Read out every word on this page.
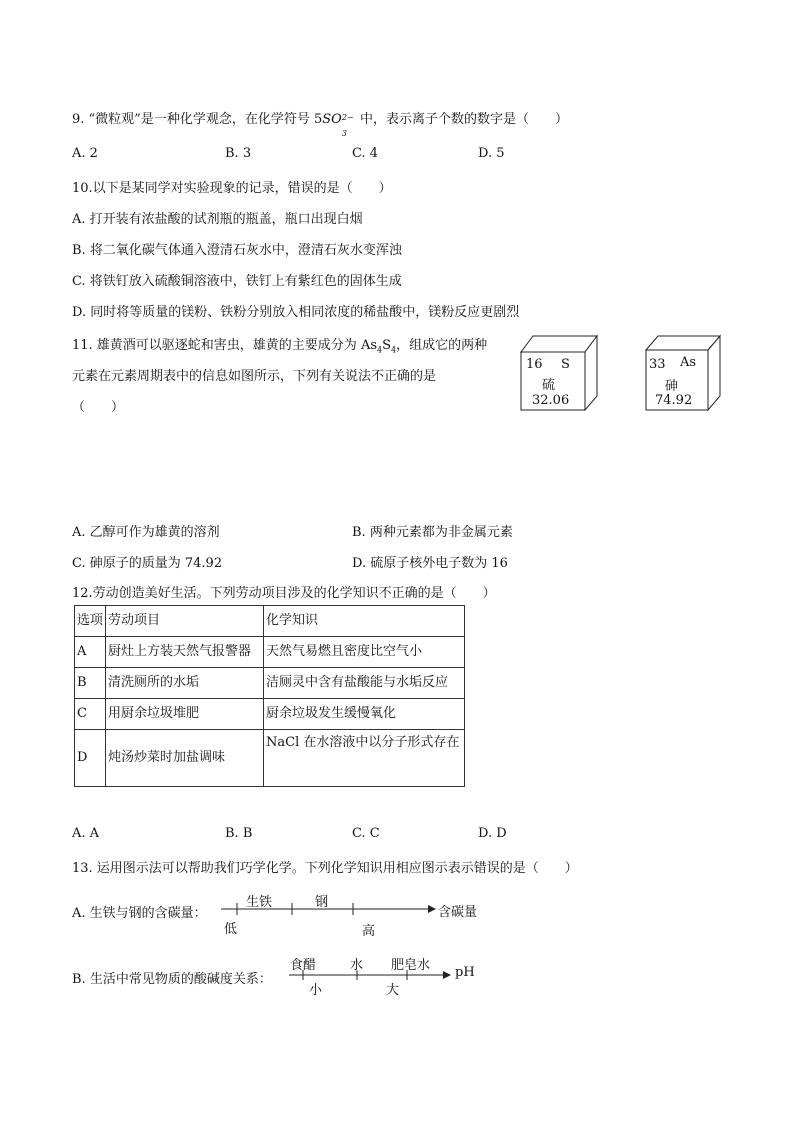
9. “微粒观”是一种化学观念，在化学符号 5SO 2−
3
中，表示离子个数的数字是（　　）
A. 2	B. 3	C. 4	D. 5
10.以下是某同学对实验现象的记录，错误的是（　　）
A. 打开装有浓盐酸的试剂瓶的瓶盖，瓶口出现白烟
B. 将二氧化碳气体通入澄清石灰水中，澄清石灰水变浑浊
C. 将铁钉放入硫酸铜溶液中，铁钉上有紫红色的固体生成
D. 同时将等质量的镁粉、铁粉分别放入相同浓度的稀盐酸中，镁粉反应更剧烈
11. 雄黄酒可以驱逐蛇和害虫，雄黄的主要成分为 $As_4S_4$，组成它的两种
元素在元素周期表中的信息如图所示，下列有关说法不正确的是
（　　）
16 S
硫
32.06
33 As
砷
74.92
A. 乙醇可作为雄黄的溶剂	B. 两种元素都为非金属元素
C. 砷原子的质量为 74.92	D. 硫原子核外电子数为 16
12.劳动创造美好生活。下列劳动项目涉及的化学知识不正确的是（　　）
选项	劳动项目	化学知识
A	厨灶上方装天然气报警器	天然气易燃且密度比空气小
B	清洗厕所的水垢	洁厕灵中含有盐酸能与水垢反应
C	用厨余垃圾堆肥	厨余垃圾发生缓慢氧化
D	炖汤炒菜时加盐调味	NaCl 在水溶液中以分子形式存在
A. A	B. B	C. C	D. D
13. 运用图示法可以帮助我们巧学化学。下列化学知识用相应图示表示错误的是（　　）
A. 生铁与钢的含碳量：
生铁	钢
低	高
含碳量
B. 生活中常见物质的酸碱度关系：
食醋	水 肥皂水
小	大
pH
